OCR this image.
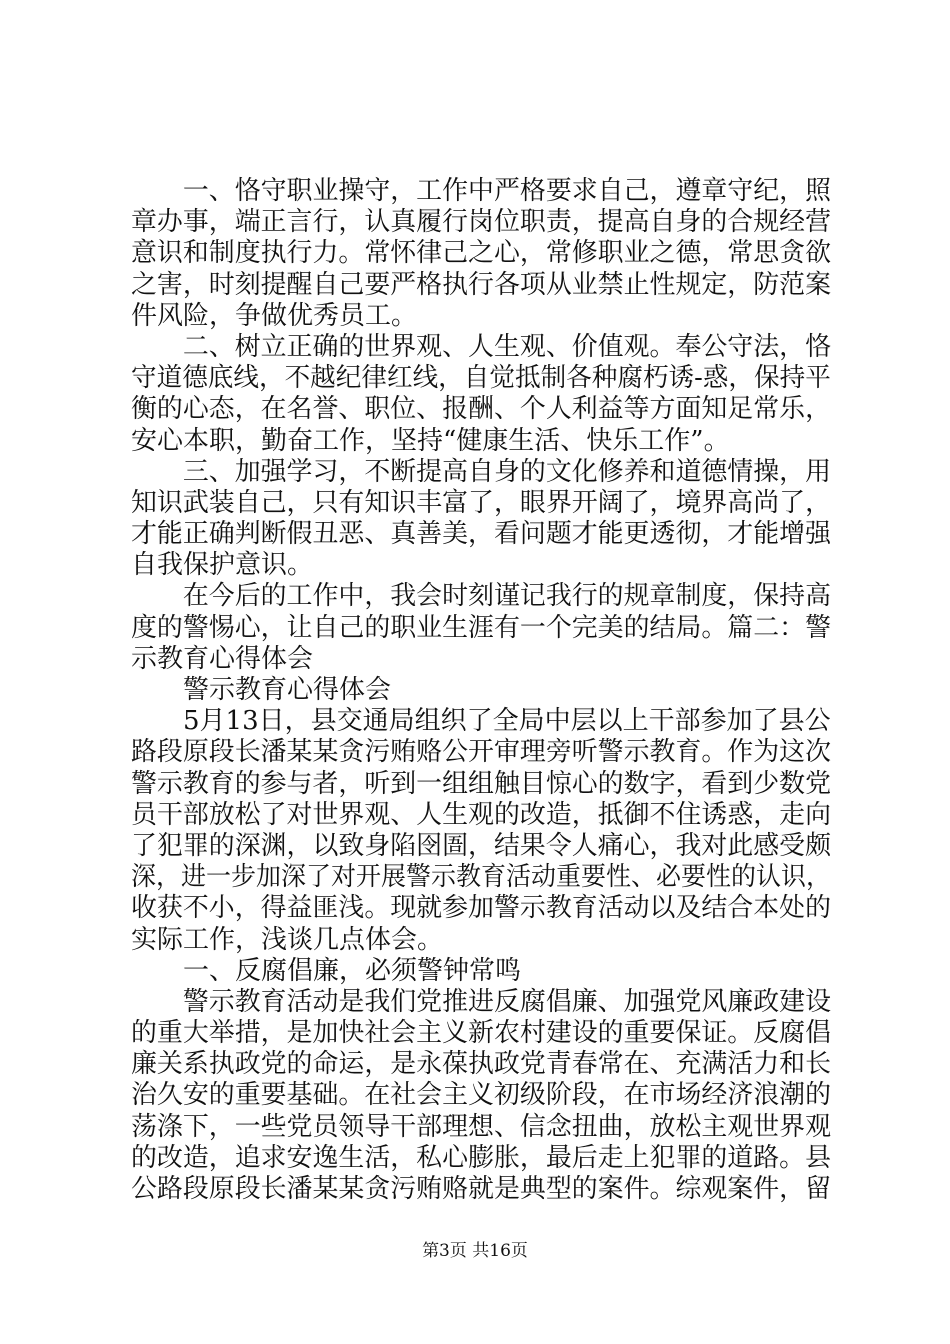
　　一、恪守职业操守，工作中严格要求自己，遵章守纪，照章办事，端正言行，认真履行岗位职责，提高自身的合规经营意识和制度执行力。常怀律己之心，常修职业之德，常思贪欲之害，时刻提醒自己要严格执行各项从业禁止性规定，防范案
件风险，争做优秀员工。
　　二、树立正确的世界观、人生观、价值观。奉公守法，恪守道德底线，不越纪律红线，自觉抵制各种腐朽诱-惑，保持平衡的心态，在名誉、职位、报酬、个人利益等方面知足常乐，
安心本职，勤奋工作，坚持“健康生活、快乐工作”。
　　三、加强学习，不断提高自身的文化修养和道德情操，用知识武装自己，只有知识丰富了，眼界开阔了，境界高尚了，才能正确判断假丑恶、真善美，看问题才能更透彻，才能增强
自我保护意识。
　　在今后的工作中，我会时刻谨记我行的规章制度，保持高度的警惕心，让自己的职业生涯有一个完美的结局。篇二：警
示教育心得体会
　　警示教育心得体会
　　5月13日，县交通局组织了全局中层以上干部参加了县公
路段原段长潘某某贪污贿赂公开审理旁听警示教育。作为这次警示教育的参与者，听到一组组触目惊心的数字，看到少数党员干部放松了对世界观、人生观的改造，抵御不住诱惑，走向了犯罪的深渊，以致身陷囹圄，结果令人痛心，我对此感受颇深，进一步加深了对开展警示教育活动重要性、必要性的认识，收获不小，得益匪浅。现就参加警示教育活动以及结合本处的
实际工作，浅谈几点体会。
　　一、反腐倡廉，必须警钟常鸣
　　警示教育活动是我们党推进反腐倡廉、加强党风廉政建设的重大举措，是加快社会主义新农村建设的重要保证。反腐倡廉关系执政党的命运，是永葆执政党青春常在、充满活力和长治久安的重要基础。在社会主义初级阶段，在市场经济浪潮的荡涤下，一些党员领导干部理想、信念扭曲，放松主观世界观的改造，追求安逸生活，私心膨胀，最后走上犯罪的道路。县公路段原段长潘某某贪污贿赂就是典型的案件。综观案件，留
第3页 共16页
